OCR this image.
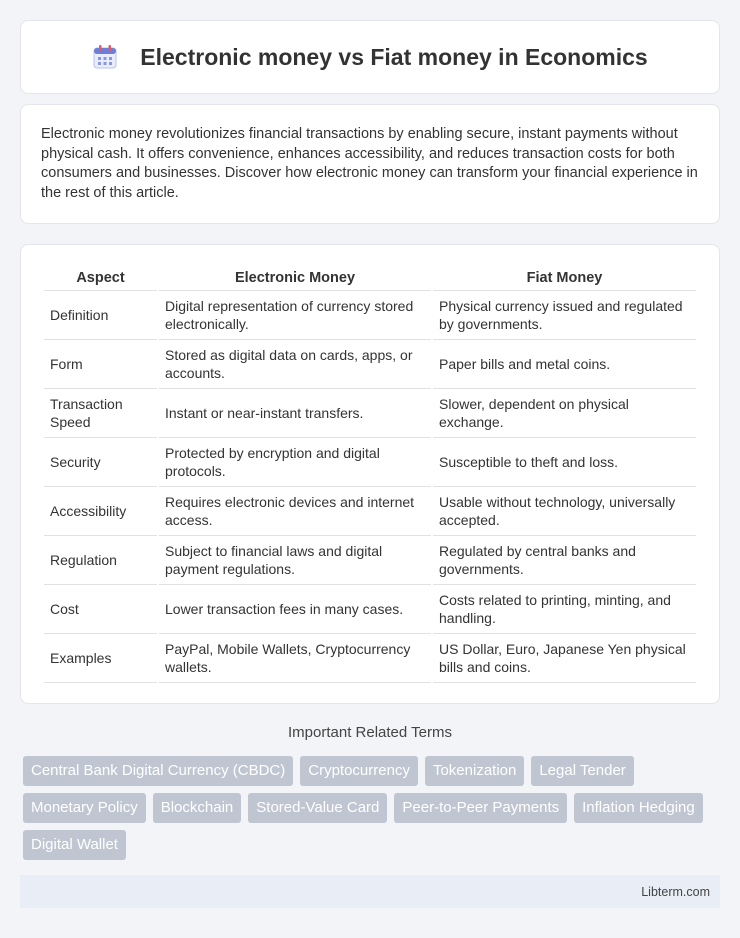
Electronic money vs Fiat money in Economics

Electronic money revolutionizes financial transactions by enabling secure, instant payments without physical cash. It offers convenience, enhances accessibility, and reduces transaction costs for both consumers and businesses. Discover how electronic money can transform your financial experience in the rest of this article.

Aspect	Electronic Money	Fiat Money
Definition	Digital representation of currency stored electronically.	Physical currency issued and regulated by governments.
Form	Stored as digital data on cards, apps, or accounts.	Paper bills and metal coins.
Transaction Speed	Instant or near-instant transfers.	Slower, dependent on physical exchange.
Security	Protected by encryption and digital protocols.	Susceptible to theft and loss.
Accessibility	Requires electronic devices and internet access.	Usable without technology, universally accepted.
Regulation	Subject to financial laws and digital payment regulations.	Regulated by central banks and governments.
Cost	Lower transaction fees in many cases.	Costs related to printing, minting, and handling.
Examples	PayPal, Mobile Wallets, Cryptocurrency wallets.	US Dollar, Euro, Japanese Yen physical bills and coins.
Important Related Terms
Central Bank Digital Currency (CBDC)	Cryptocurrency	Tokenization	Legal Tender
Monetary Policy	Blockchain	Stored-Value Card	Peer-to-Peer Payments	Inflation Hedging
Digital Wallet
Libterm.com
